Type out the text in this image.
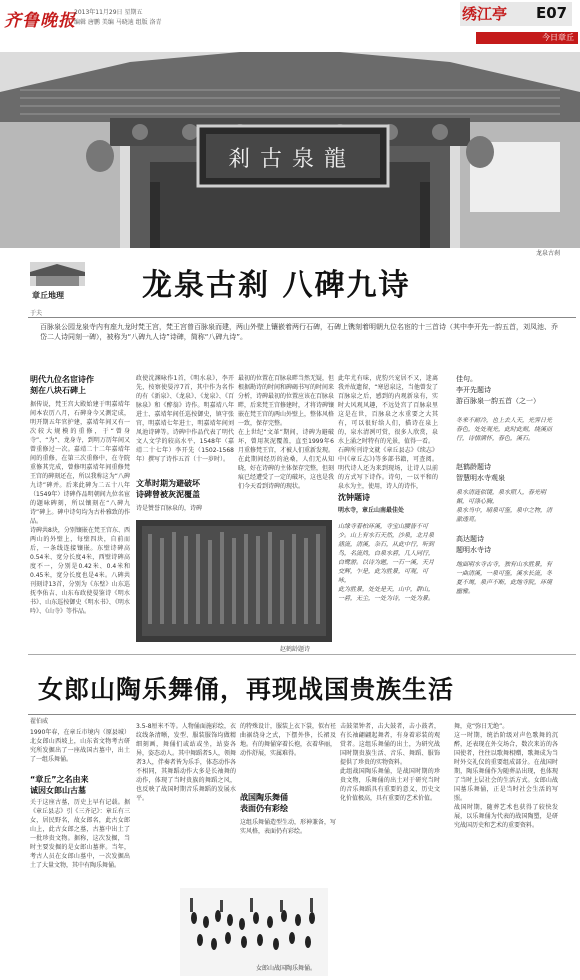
齐鲁晚报
2013年11月29日 星期五
编辑 唐鹏 美编 马晓迪 组版 洛青	绣江亭 E07
今日章丘
龍泉古剎
龙泉古刹
章丘地理	龙泉古刹 八碑九诗
于夫
百脉泉公园龙泉寺内有座九龙时梵王宫，梵王宫曾百脉泉而建，两山外壁上镶嵌着两行石碑，石碑上镌刻着明朝九位名宦的十三首诗（其中李开先一韵五首，刘凤池、乔岱二人诗同刻一碑），被称为“八碑九人诗”诗碑，简称“八碑九诗”。
明代九位名宦诗作
刻在八块石碑上
据传说，梵王宫大殿始建于明嘉靖年间本农历八月，石碑身今又测定成，明开期五年官护建，嘉靖年间又有一次较大规模的重修，于“曾身寺”、“为”、龙身寺，到明万历年间又曾重修过一次。嘉靖二十二年嘉靖年间的重修，在第三次重修中，在寺院重修其完成，曾修明嘉靖年间重修梵王宫的碑刻还在，所以我称这为“八碑九诗”碑并。后来此碑为二五十八年（1549年）诗碑作品明朝间九位名宦的题咏碑刻，所以镶刻在“八碑九诗”碑上。碑中诗句均为古朴雅致的作品。
诗碑共8块，分别镶嵌在梵王宫东、西两山的外壁上，每壁四块，自前而后，一条线连接镶嵌。东壁诗碑高0.54米、宽分长度4米，西壁诗碑高度不一，分别是0.42米、0.4米和0.45米，宽分长度也是4米。八碑共刊刻诗13首，分别为《东壁》山东巡抚李佑吉、山东布政使晏鉴诗《明水书》、山东巡按御史《明水书》、《明水吟》、《山寺》等作品。
政使沈渊咏作1首，《明水泉》，李开先，按察使晏淳7首，其中作为名作的有《新泉》、《龙泉》、《龙泉》、《百脉泉》和《醉翁》诗作。明嘉靖八年进士、嘉靖年间任巡按御史，镇守张官，明嘉靖七年进士，明嘉靖年间刘凤池诗碑等。诗碑中作品代表了明代文人文学的较高水平，1548年（嘉靖二十七年）李开先（1502-1568年）撰写了诗作五首（十一岁时）。
文革时期为避破坏
诗碑曾被灰泥覆盖
诗是赞誉百脉泉的，诗碑
最初的位置在百脉泉畔当然无疑，但根据勘诗的时间和碑碣书写的时间来分析，诗碑最初的位置应该在百脉泉畔，后来梵王宫修建时，才将诗碑镶嵌在梵王宫的两山外壁上，整体风格一致，保存完整。
在上世纪“文革”期间，诗碑为避破坏，曾用灰泥覆盖，直至1999年6月重修梵王宫，才被人们重新发现。在此期间经历的沧桑，人们无从知晓，好在诗碑的主体保存完整，但刻痕已经遭受了一定的破坏，这也是我们今天看到诗碑的现状。
赵鹤龄题诗
此年尤有味，虎豹兴宠居不又，迷离我并故遗留，“寒恩泉这，当他曾发了百脉泉之后，感到的内观新泉有，实时大风观风趣，不远处宫了百脉泉里这是在世，百脉泉之水重要之大其有，可以很好给人们，描诗在泉上的，泉水清冽可赏，很多人欣赏，泉水上涌之时特有的光景，值得一看。
石碑所刊诗文就《章丘县志》《续志》中(《章丘志》)等多部书籍，可查阅。明代诗人还为来到现场，让诗人以前的方式写下诗作。诗句，一以平和的泉水为主，使用，诗人的诗作，
沈钟题诗
明水寺，章丘山南最佳处
山缘寺着柏环溪，寺宝山腰皆不可少。山上有水石天然，沙泉，北月泉涌流，清溪，杂石，从此中行，听到鸟，名流尚，白泉水碧，几人同行，白鹭游。以诗为题，一石一溪，天月交辉，乍是，此为胜景，可观，可咏，
此为胜景，处处是天，山中，群山，一碧，无尘，一处为诗，一处为景。
佳句。
李开先题诗
游百脉泉一韵五首（之一）
冬来不耐冷，也上去人天，光霁日光春色，处处观光，此时此刻，绕溪而行，诗情满怀，春色，溪石。
赵鹤龄题诗
智慧明水寺观泉
泉水清涟似镜，泉水照人，春光明媚，可涤心胸，
泉水当中，晴泉可鉴，泉中之物，清澈透亮。
高达题诗
题明水寺诗
地面明水寺古寺，独有山水胜景，有一曲清溪，一泉可鉴，溪水长流，冬夏不竭，泉声不断，此地寺院，环境幽雅。
女郎山陶乐舞俑，再现战国贵族生活
翟伯威
1990年春，在章丘市境内（原县城）北女郎山西坡上，山东省文物考古研究所发掘出了一座战国古墓中，出土了一组乐舞俑。
“章丘”之名由来
诚因女郎山古墓
关于这座古墓，历史上早有记载。据《章丘县志》引《三齐记》：章丘有三女，居民野名，故女郎名，此古女郎山上，此古女郎之墓，古墓中出土了一批珍贵文物。据称，这次发掘，当时主要发掘的是女郎山墓葬。当年，考古人员在女郎山墓中，一次发掘出土了大量文物，其中有陶乐舞俑。
3.5-8厘米不等。人物俑面施彩绘，衣纹线条清晰，发型、服装服饰均做精细刻画，舞俑们或站或坐，站姿各异，姿态动人。其中舞蹈者5人，领舞者3人，伴奏者皆为乐手，体态动作各不相同，其舞蹈动作大多是长袖舞的动作，体现了当时贵族的舞蹈之风，也反映了战国时期音乐舞蹈的发展水平。
的特殊设计，服装上衣下裳，似右衽曲裾绕身之式，下摆外侈，长裙及地。有的舞俑穿着长袍，衣着华丽，动作舒展，实属难得。
战国陶乐舞俑
表面仍有彩绘
这组乐舞俑造型生动，形神兼备，写实风格，表面仍有彩绘。
击鼓架钟者，击大鼓者，击小鼓者，有长袖翩翩起舞者，有身着彩装的观赏者。这组乐舞俑的出土，为研究战国时期贵族生活、音乐、舞蹈、服饰提供了珍贵的实物资料。
此组战国陶乐舞俑，是战国时期的珍贵文物，乐舞俑的出土对于研究当时的音乐舞蹈具有重要的意义，历史文化价值极高，具有重要的艺术价值。
舞，竟“弥日无绝”。
这一时期，统治阶级对声色歌舞的沉醉，还表现在外交场合，数次来访的各国使者，往往以歌舞相赠，歌舞成为当时外交礼仪的重要组成部分。在战国时期，陶乐舞俑作为随葬品出现，也体现了当时上层社会的生活方式。女郎山战国墓乐舞俑，正是当时社会生活的写照。
战国时期，随葬艺术也获得了较快发展，以乐舞俑为代表的战国陶塑，是研究战国历史和艺术的重要资料。
女郎山战国陶乐舞俑。
